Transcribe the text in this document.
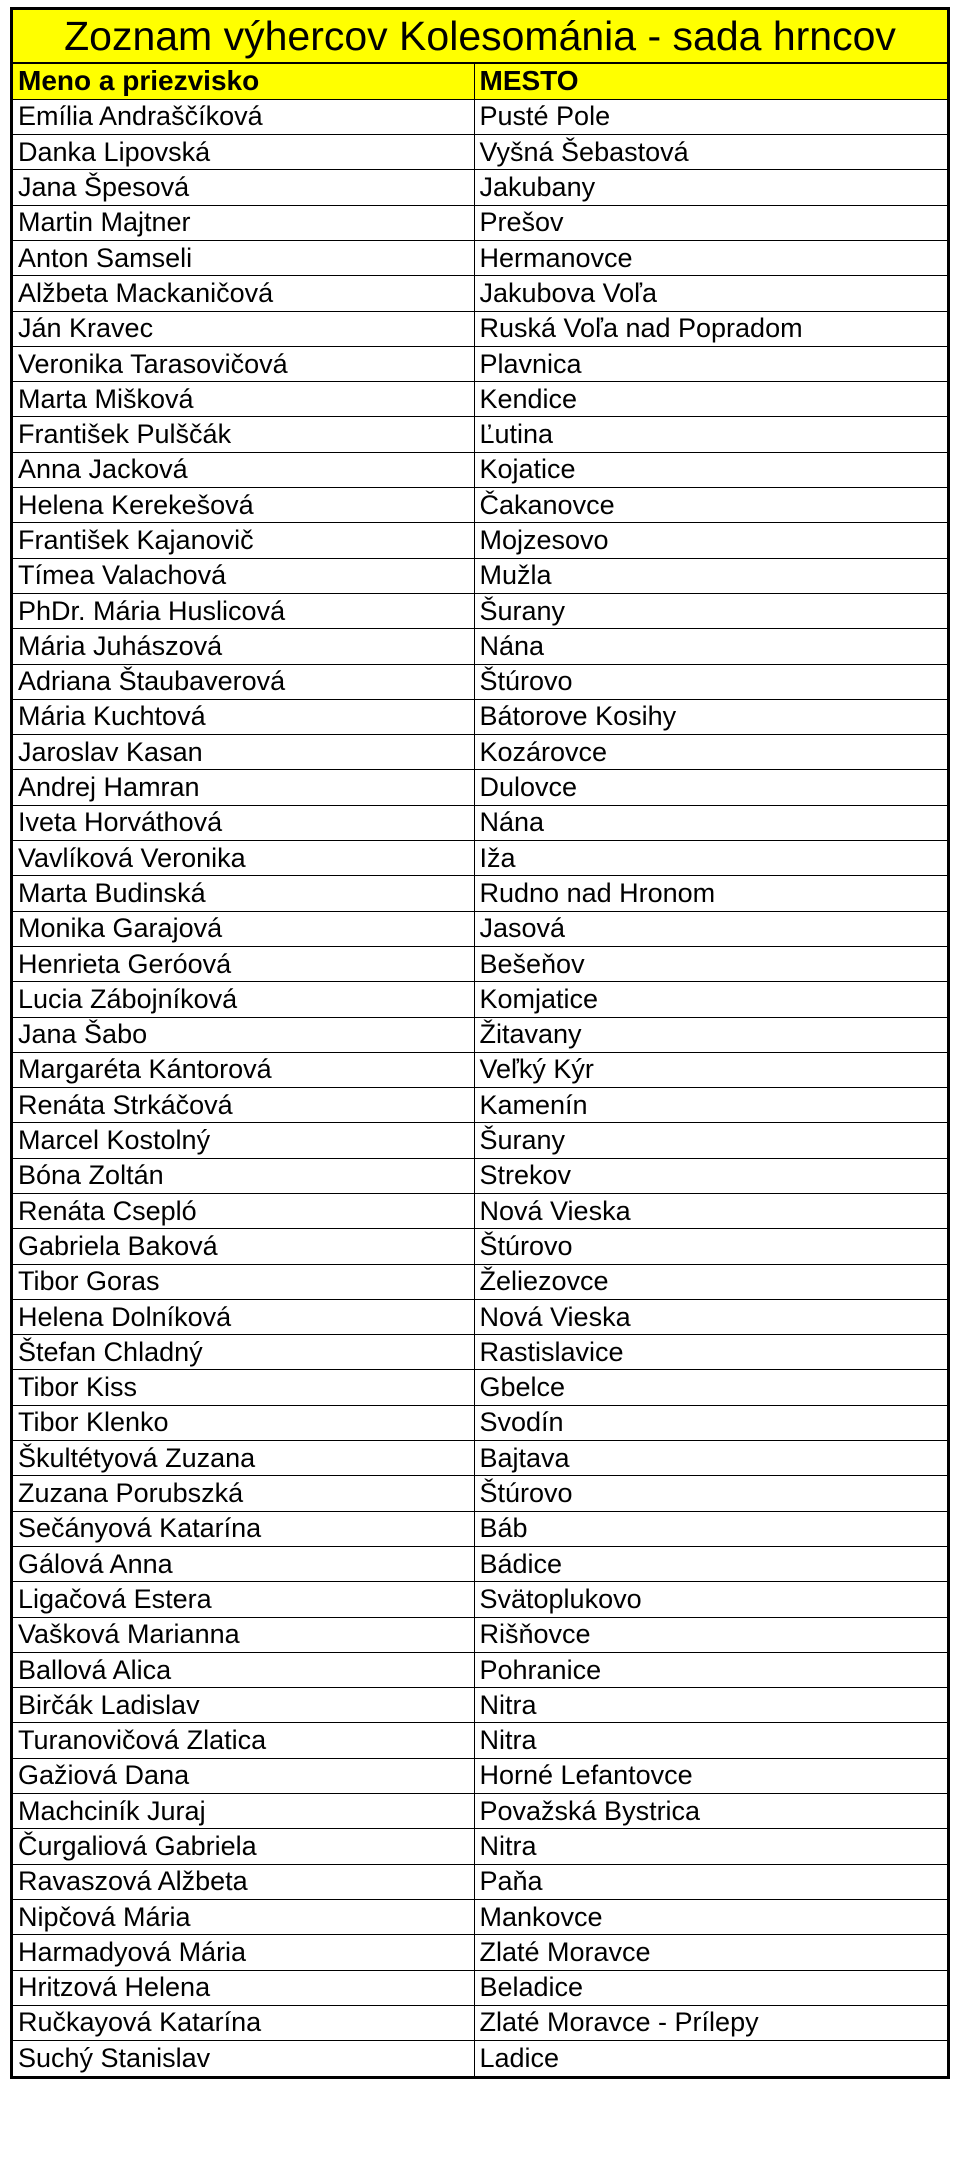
Zoznam výhercov Kolesománia - sada hrncov
Meno a priezvisko	MESTO
Emília Andraščíková	Pusté Pole
Danka Lipovská	Vyšná Šebastová
Jana Špesová	Jakubany
Martin Majtner	Prešov
Anton Samseli	Hermanovce
Alžbeta Mackaničová	Jakubova Voľa
Ján Kravec	Ruská Voľa nad Popradom
Veronika Tarasovičová	Plavnica
Marta Mišková	Kendice
František Pulščák	Ľutina
Anna Jacková	Kojatice
Helena Kerekešová	Čakanovce
František Kajanovič	Mojzesovo
Tímea Valachová	Mužla
PhDr. Mária Huslicová	Šurany
Mária Juhászová	Nána
Adriana Štaubaverová	Štúrovo
Mária Kuchtová	Bátorove Kosihy
Jaroslav Kasan	Kozárovce
Andrej Hamran	Dulovce
Iveta Horváthová	Nána
Vavlíková Veronika	Iža
Marta Budinská	Rudno nad Hronom
Monika Garajová	Jasová
Henrieta Geróová	Bešeňov
Lucia Zábojníková	Komjatice
Jana Šabo	Žitavany
Margaréta Kántorová	Veľký Kýr
Renáta Strkáčová	Kamenín
Marcel Kostolný	Šurany
Bóna Zoltán	Strekov
Renáta Csepló	Nová Vieska
Gabriela Baková	Štúrovo
Tibor Goras	Želiezovce
Helena Dolníková	Nová Vieska
Štefan Chladný	Rastislavice
Tibor Kiss	Gbelce
Tibor Klenko	Svodín
Škultétyová Zuzana	Bajtava
Zuzana Porubszká	Štúrovo
Sečányová Katarína	Báb
Gálová Anna	Bádice
Ligačová Estera	Svätoplukovo
Vašková Marianna	Rišňovce
Ballová Alica	Pohranice
Birčák Ladislav	Nitra
Turanovičová Zlatica	Nitra
Gažiová Dana	Horné Lefantovce
Machciník Juraj	Považská Bystrica
Čurgaliová Gabriela	Nitra
Ravaszová Alžbeta	Paňa
Nipčová Mária	Mankovce
Harmadyová Mária	Zlaté Moravce
Hritzová Helena	Beladice
Ručkayová Katarína	Zlaté Moravce - Prílepy
Suchý Stanislav	Ladice
